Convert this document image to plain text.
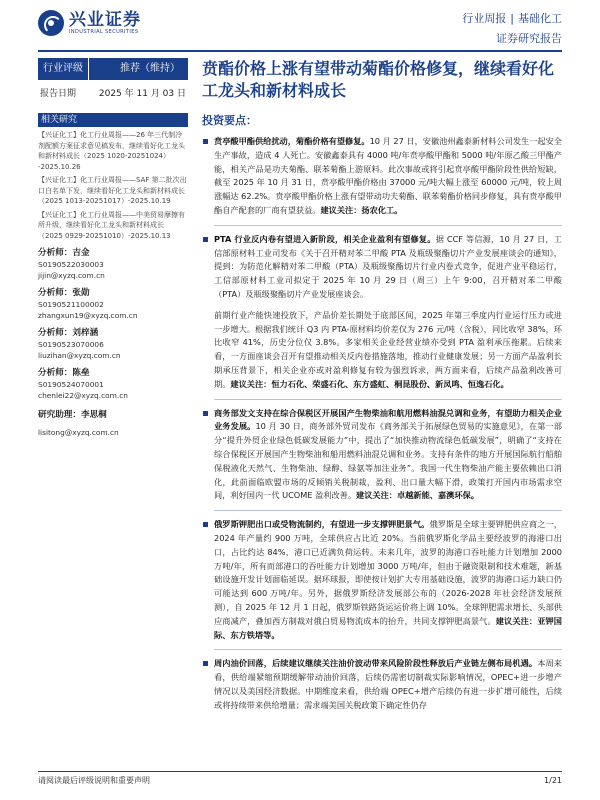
兴业证券
INDUSTRIAL SECURITIES
行业周报 | 基础化工
证券研究报告
行业评级	推荐（维持）
报告日期	2025 年 11 月 03 日
相关研究
【兴证化工】化工行业周报——26 年三代制冷剂配额方案征求意见稿发布，继续看好化工龙头和新材料成长（2025 1020-20251024） -2025.10.26
【兴证化工】化工行业周报——SAF 第二批次出口白名单下发，继续看好化工龙头和新材料成长（2025 1013-20251017）-2025.10.19
【兴证化工】化工行业周报——中美贸易摩擦有所升级，继续看好化工龙头和新材料成长（2025 0929-20251010）-2025.10.13
分析师： 吉金
S0190522030003
jijin@xyzq.com.cn
分析师： 张勋
S0190521100002
zhangxun19@xyzq.com.cn
分析师： 刘梓涵
S0190523070006
liuzihan@xyzq.com.cn
分析师： 陈垒
S0190524070001
chenlei22@xyzq.com.cn
研究助理：李思桐
lisitong@xyzq.com.cn
贲酯价格上涨有望带动菊酯价格修复，继续看好化工龙头和新材料成长
投资要点：
贲亭酸甲酯供给扰动，菊酯价格有望修复。10 月 27 日，安徽池州鑫泰新材料公司发生一起安全生产事故，造成 4 人死亡。安徽鑫泰具有 4000 吨/年贲亭酸甲酯和 5000 吨/年原乙酸三甲酯产能，相关产品是功夫菊酯、联苯菊酯上游原料。此次事故或将引起贲亭酸甲酯阶段性供给短缺，截至 2025 年 10 月 31 日，贲亭酸甲酯价格由 37000 元/吨大幅上涨至 60000 元/吨，较上周涨幅达 62.2%。贲亭酸甲酯价格上涨有望带动功夫菊酯、联苯菊酯价格同步修复，具有贲亭酸甲酯自产配套的厂商有望获益。建议关注：扬农化工。
PTA 行业反内卷有望进入新阶段，相关企业盈利有望修复。据 CCF 等信源，10 月 27 日，工信部原材料工业司发布《关于召开精对苯二甲酸 PTA 及瓶级聚酯切片产业发展座谈会的通知》，提到：为防范化解精对苯二甲酸（PTA）及瓶级聚酯切片行业内卷式竞争，促进产业平稳运行，工信部原材料工业司拟定于 2025 年 10 月 29 日（周三）上午 9:00，召开精对苯二甲酸（PTA）及瓶级聚酯切片产业发展座谈会。
前期行业产能快速投放下，产品价差长期处于底部区间，2025 年第三季度内行业运行压力或进一步增大。根据我们统计 Q3 内 PTA-原材料均价差仅为 276 元/吨（含税），同比收窄 38%，环比收窄 41%，历史分位仅 3.8%。多家相关企业经营业绩亦受到 PTA 盈利承压拖累。后续来看，一方面座谈会召开有望推动相关反内卷措施落地，推动行业健康发展；另一方面产品盈利长期承压背景下，相关企业亦或对盈利修复有较为强烈诉求，两方面来看，后续产品盈利改善可期。建议关注：恒力石化、荣盛石化、东方盛虹、桐昆股份、新凤鸣、恒逸石化。
商务部发文支持在综合保税区开展国产生物柴油和航用燃料油混兑调和业务，有望助力相关企业业务发展。10 月 30 日，商务部外贸司发布《商务部关于拓展绿色贸易的实施意见》，在第一部分“提升外贸企业绿色低碳发展能力”中，提出了“加快推动物流绿色低碳发展”，明确了“支持在综合保税区开展国产生物柴油和船用燃料油混兑调和业务。支持有条件的地方开展国际航行船舶保税液化天然气、生物柴油、绿醇、绿氨等加注业务”。我国一代生物柴油产能主要依赖出口消化，此前面临欧盟市场的反倾销关税制裁，盈利、出口量大幅下滑，政策打开国内市场需求空间，利好国内一代 UCOME 盈利改善。建议关注：卓越新能、嘉澳环保。
俄罗斯钾肥出口或受物流制约，有望进一步支撑钾肥景气。俄罗斯是全球主要钾肥供应商之一，2024 年产量约 900 万吨，全球供应占比近 20%。当前俄罗斯化学品主要经波罗的海港口出口，占比约达 84%，港口已近满负荷运转。未来几年，波罗的海港口吞吐能力计划增加 2000 万吨/年，所有而部港口的吞吐能力计划增加 3000 万吨/年，但由于融资限制和技术难题，新基础设施开发计划面临延误。据环球报，即使按计划扩大专用基础设施，波罗的海港口运力缺口仍可能达到 600 万吨/年。另外，据俄罗斯经济发展部公布的（2026-2028 年社会经济发展预测），自 2025 年 12 月 1 日起，俄罗斯铁路货运运价将上调 10%。全球钾肥需求增长、头部供应商减产，叠加西方制裁对俄白贸易物流成本的抬升，共同支撑钾肥高景气。建议关注：亚钾国际、东方铁塔等。
周内油价回落，后续建议继续关注油价波动带来风险阶段性释放后产业链左侧布局机遇。本周来看，供给端紧缩预期缓解带动油价回落，后续仍需密切制裁实际影响情况，OPEC+进一步增产情况以及美国经济数据。中期维度来看，供给端 OPEC+增产后续仍有进一步扩增可能性，后续或将持续带来供给增量；需求端美国关税政策下确定性仍存
请阅读最后评级说明和重要声明	1/21
